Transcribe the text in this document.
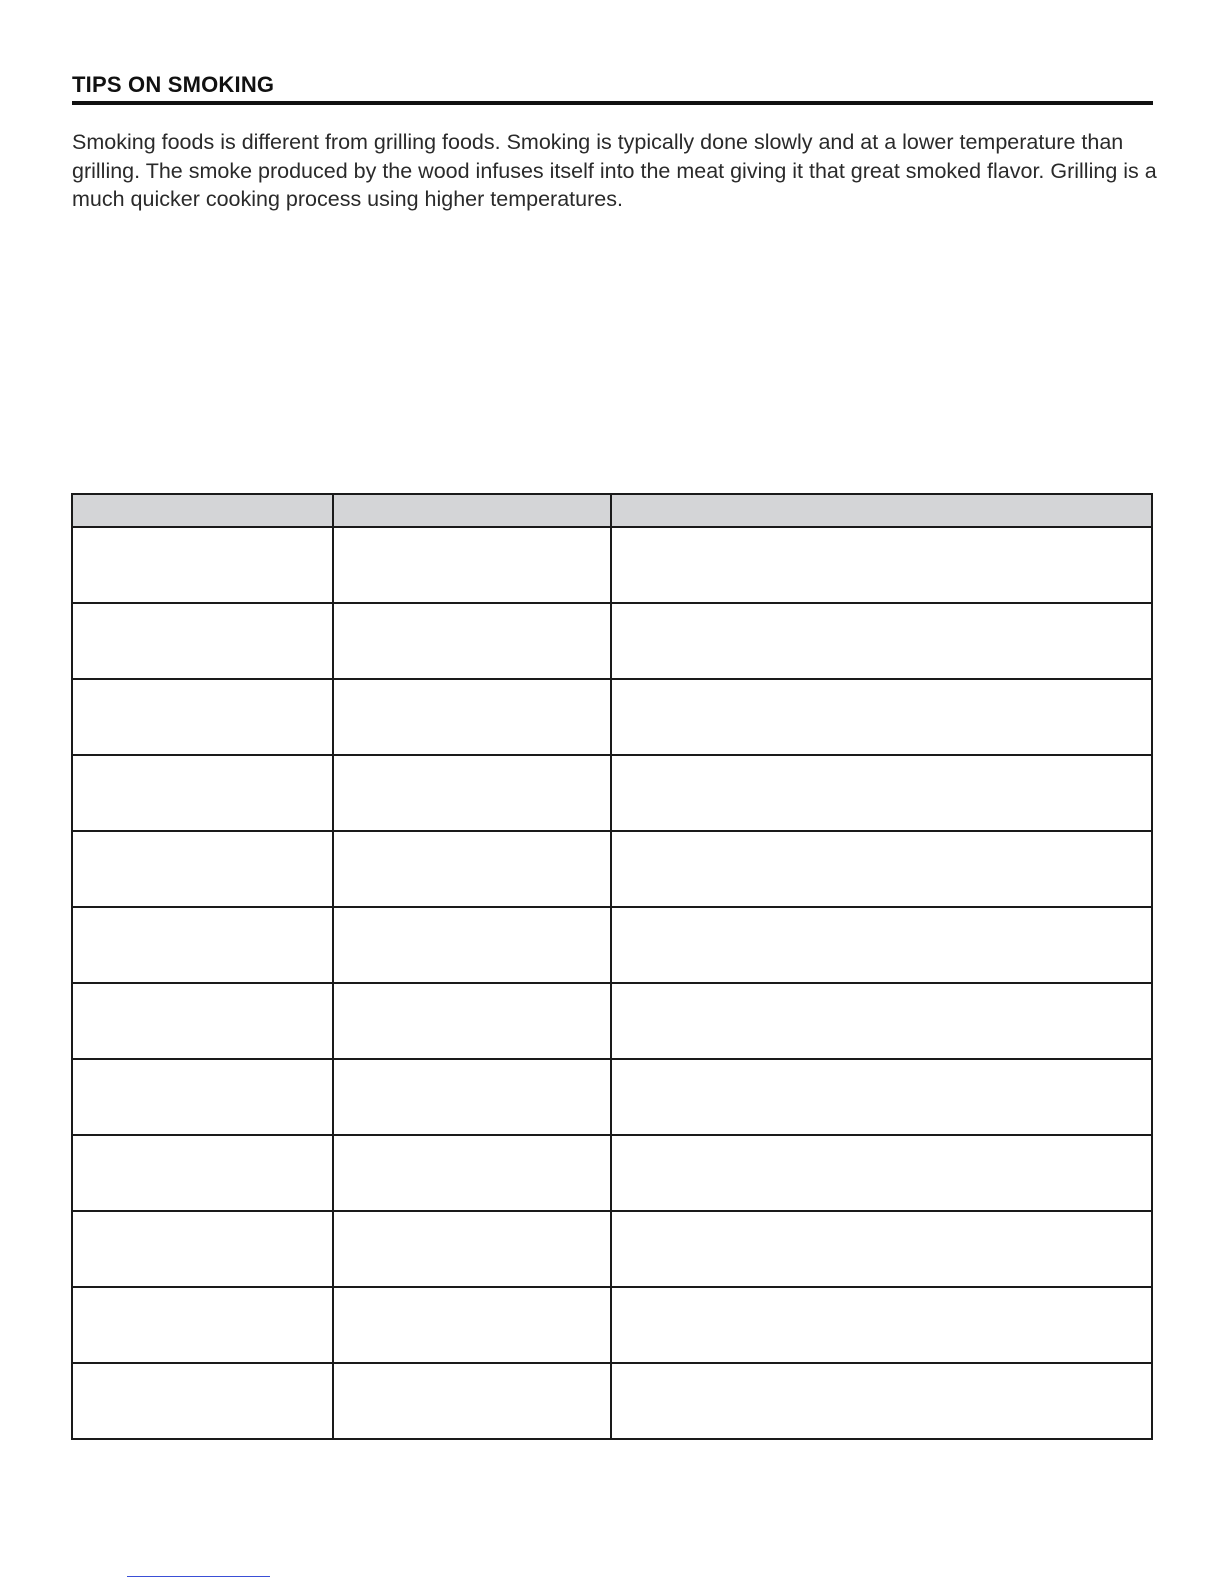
TIPS ON SMOKING

Smoking foods is different from grilling foods. Smoking is typically done slowly and at a lower temperature than grilling. The smoke produced by the wood infuses itself into the meat giving it that great smoked flavor. Grilling is a much quicker cooking process using higher temperatures.
